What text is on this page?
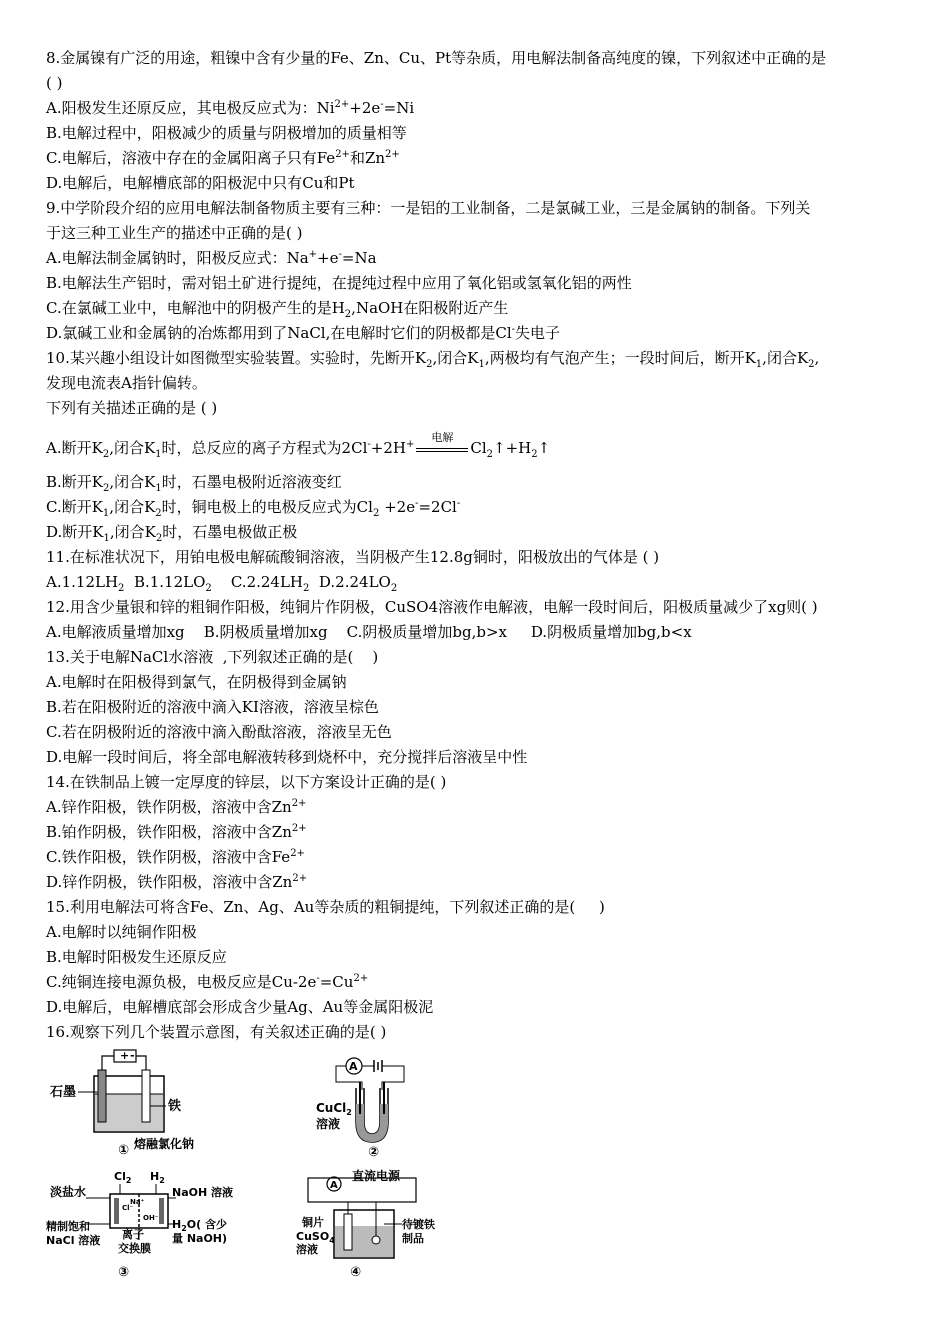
8.金属镍有广泛的用途，粗镍中含有少量的Fe、Zn、Cu、Pt等杂质，用电解法制备高纯度的镍，下列叙述中正确的是
( )
A.阳极发生还原反应，其电极反应式为：$Ni^{2+}+2e^-=Ni$
B.电解过程中，阳极减少的质量与阴极增加的质量相等
C.电解后，溶液中存在的金属阳离子只有$Fe^{2+}$和$Zn^{2+}$
D.电解后，电解槽底部的阳极泥中只有Cu和Pt
9.中学阶段介绍的应用电解法制备物质主要有三种：一是铝的工业制备，二是氯碱工业，三是金属钠的制备。下列关
于这三种工业生产的描述中正确的是( )
A.电解法制金属钠时，阳极反应式：Na++e-=Na
B.电解法生产铝时，需对铝土矿进行提纯，在提纯过程中应用了氧化铝或氢氧化铝的两性
C.在氯碱工业中，电解池中的阴极产生的是$H_2,NaOH$在阳极附近产生
D.氯碱工业和金属钠的冶炼都用到了NaCl,在电解时它们的阴极都是Cl-失电子
10.某兴趣小组设计如图微型实验装置。实验时，先断开$K_2$,闭合$K_1$,两极均有气泡产生；一段时间后，断开$K_1$,闭合$K_2$,
发现电流表A指针偏转。
下列有关描述正确的是 ( )
A.断开$K_2$,闭合$K_1$时，总反应的离子方程式为2Cl-+2H+
电解
$Cl_2↑+H_2↑$
B.断开$K_2$,闭合$K_1$时，石墨电极附近溶液变红
C.断开$K_1$,闭合$K_2$时，铜电极上的电极反应式为$Cl_2 +2e^-=2Cl^-$
D.断开$K_1$,闭合$K_2$时，石墨电极做正极
11.在标准状况下，用铂电极电解硫酸铜溶液，当阴极产生12.8g铜时，阳极放出的气体是 ( )
$A.1.12LH_2$  $B.1.12LO_2$    $C.2.24LH_2$  $D.2.24LO_2$
12.用含少量银和锌的粗铜作阳极，纯铜片作阴极，CuSO4溶液作电解液，电解一段时间后，阳极质量减少了xg则( )
A.电解液质量增加xg    B.阴极质量增加xg    C.阴极质量增加bg,b>x     D.阴极质量增加bg,b<x
13.关于电解NaCl水溶液  ,下列叙述正确的是(    )
A.电解时在阳极得到氯气，在阴极得到金属钠
B.若在阳极附近的溶液中滴入KI溶液，溶液呈棕色
C.若在阴极附近的溶液中滴入酚酞溶液，溶液呈无色
D.电解一段时间后，将全部电解液转移到烧杯中，充分搅拌后溶液呈中性
14.在铁制品上镀一定厚度的锌层，以下方案设计正确的是( )
A.锌作阳极，铁作阴极，溶液中含$Zn^{2+}$
B.铂作阴极，铁作阳极，溶液中含$Zn^{2+}$
C.铁作阳极，铁作阴极，溶液中含$Fe^{2+}$
D.锌作阴极，铁作阳极，溶液中含$Zn^{2+}$
15.利用电解法可将含Fe、Zn、Ag、Au等杂质的粗铜提纯，下列叙述正确的是(     )
A.电解时以纯铜作阳极
B.电解时阳极发生还原反应
C.纯铜连接电源负极，电极反应是$Cu-2e^-=Cu^{2+}$
D.电解后，电解槽底部会形成含少量Ag、Au等金属阳极泥
16.观察下列几个装置示意图，有关叙述正确的是( )
+ -
石墨
铁
熔融氯化钠
①
A
CuCl$_2$
溶液
②
$Cl_2$ $H_2$
Cl⁻
OH⁻
Na⁺
淡盐水	NaOH 溶液
精制饱和
NaCl 溶液 离子
交换膜
$H_2O$( 含少
量 NaOH)
③
直流电源
A
铜片
CuSO$_4$
溶液
待镀铁
制品
④
